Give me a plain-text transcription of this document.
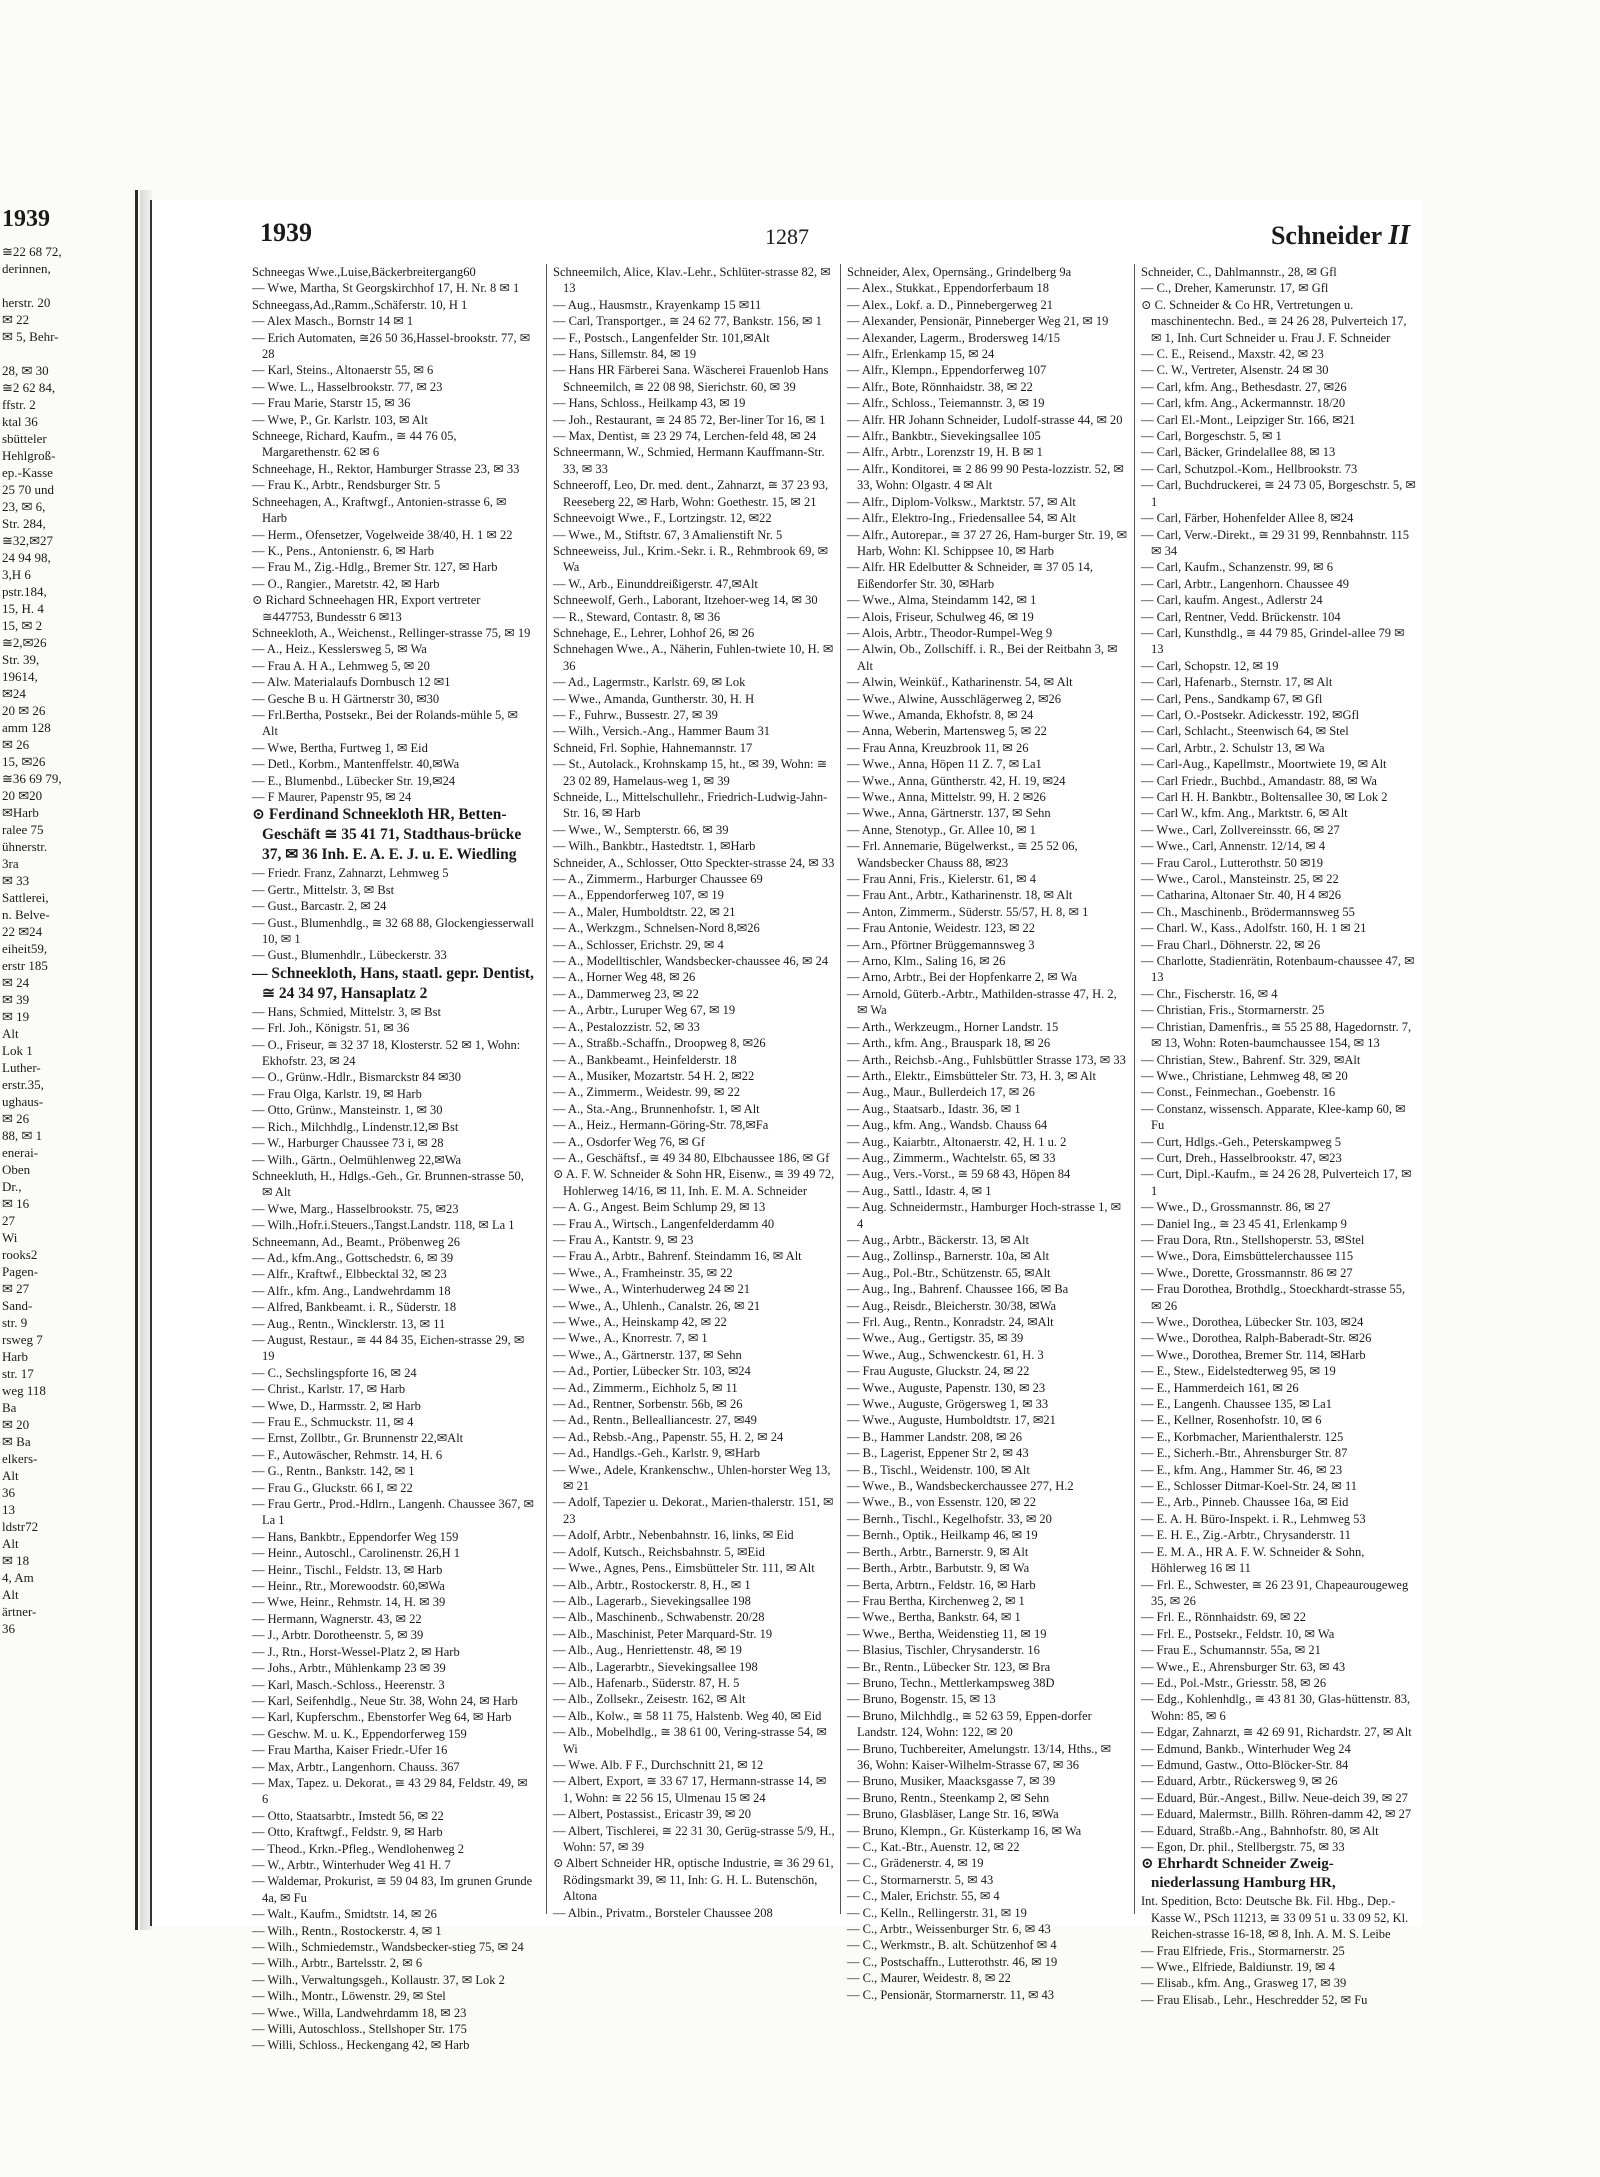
1939
≅22 68 72,
derinnen,

herstr. 20
✉ 22
✉ 5, Behr-

28, ✉ 30
≅2 62 84,
ffstr. 2
ktal 36
sbütteler
Hehlgroß-
ep.-Kasse
25 70 und
23, ✉ 6,
Str. 284,
≅32,✉27
24 94 98,
3,H 6
pstr.184,
15, H. 4
15, ✉ 2
≅2,✉26
Str. 39,
19614,
✉24
20 ✉ 26
amm 128
✉ 26
15, ✉26
≅36 69 79,
20 ✉20
✉Harb
ralee 75
ühnerstr.
3ra
✉ 33
Sattlerei,
n. Belve-
22 ✉24
eiheit59,
erstr 185
✉ 24
✉ 39
✉ 19
Alt
Lok 1
Luther-
erstr.35,
ughaus-
✉ 26
88, ✉ 1
enerai-
Oben
Dr.,
✉ 16
27
Wi
rooks2
Pagen-
✉ 27
Sand-
str. 9
rsweg 7
Harb
str. 17
weg 118
Ba
✉ 20
✉ Ba
elkers-
Alt
36
13
ldstr72
Alt
✉ 18
4, Am
Alt
ärtner-
36
1939	1287	Schneider II

Schneegas Wwe.,Luise,Bäckerbreitergang60

— Wwe, Martha, St Georgskirchhof 17, H. Nr. 8 ✉ 1

Schneegass,Ad.,Ramm.,Schäferstr. 10, H 1

— Alex Masch., Bornstr 14 ✉ 1

— Erich Automaten, ≅26 50 36,Hassel-brookstr. 77, ✉ 28

— Karl, Steins., Altonaerstr 55, ✉ 6

— Wwe. L., Hasselbrookstr. 77, ✉ 23

— Frau Marie, Starstr 15, ✉ 36

— Wwe, P., Gr. Karlstr. 103, ✉ Alt

Schneege, Richard, Kaufm., ≅ 44 76 05, Margarethenstr. 62 ✉ 6

Schneehage, H., Rektor, Hamburger Strasse 23, ✉ 33

— Frau K., Arbtr., Rendsburger Str. 5

Schneehagen, A., Kraftwgf., Antonien-strasse 6, ✉ Harb

— Herm., Ofensetzer, Vogelweide 38/40, H. 1 ✉ 22

— K., Pens., Antonienstr. 6, ✉ Harb

— Frau M., Zig.-Hdlg., Bremer Str. 127, ✉ Harb

— O., Rangier., Maretstr. 42, ✉ Harb

⊙ Richard Schneehagen HR, Export vertreter ≅447753, Bundesstr 6 ✉13

Schneekloth, A., Weichenst., Rellinger-strasse 75, ✉ 19

— A., Heiz., Kesslersweg 5, ✉ Wa

— Frau A. H A., Lehmweg 5, ✉ 20

— Alw. Materialaufs Dornbusch 12 ✉1

— Gesche B u. H Gärtnerstr 30, ✉30

— Frl.Bertha, Postsekr., Bei der Rolands-mühle 5, ✉ Alt

— Wwe, Bertha, Furtweg 1, ✉ Eid

— Detl., Korbm., Mantenffelstr. 40,✉Wa

— E., Blumenbd., Lübecker Str. 19,✉24

— F Maurer, Papenstr 95, ✉ 24

⊙ Ferdinand Schneekloth HR, Betten-Geschäft ≅ 35 41 71, Stadthaus-brücke 37, ✉ 36 Inh. E. A. E. J. u. E. Wiedling

— Friedr. Franz, Zahnarzt, Lehmweg 5

— Gertr., Mittelstr. 3, ✉ Bst

— Gust., Barcastr. 2, ✉ 24

— Gust., Blumenhdlg., ≅ 32 68 88, Glockengiesserwall 10, ✉ 1

— Gust., Blumenhdlr., Lübeckerstr. 33

— Schneekloth, Hans, staatl. gepr. Dentist, ≅ 24 34 97, Hansaplatz 2

— Hans, Schmied, Mittelstr. 3, ✉ Bst

— Frl. Joh., Königstr. 51, ✉ 36

— O., Friseur, ≅ 32 37 18, Klosterstr. 52 ✉ 1, Wohn: Ekhofstr. 23, ✉ 24

— O., Grünw.-Hdlr., Bismarckstr 84 ✉30

— Frau Olga, Karlstr. 19, ✉ Harb

— Otto, Grünw., Mansteinstr. 1, ✉ 30

— Rich., Milchhdlg., Lindenstr.12,✉ Bst

— W., Harburger Chaussee 73 i, ✉ 28

— Wilh., Gärtn., Oelmühlenweg 22,✉Wa

Schneekluth, H., Hdlgs.-Geh., Gr. Brunnen-strasse 50, ✉ Alt

— Wwe, Marg., Hasselbrookstr. 75, ✉23

— Wilh.,Hofr.i.Steuers.,Tangst.Landstr. 118, ✉ La 1

Schneemann, Ad., Beamt., Pröbenweg 26

— Ad., kfm.Ang., Gottschedstr. 6, ✉ 39

— Alfr., Kraftwf., Elbbecktal 32, ✉ 23

— Alfr., kfm. Ang., Landwehrdamm 18

— Alfred, Bankbeamt. i. R., Süderstr. 18

— Aug., Rentn., Wincklerstr. 13, ✉ 11

— August, Restaur., ≅ 44 84 35, Eichen-strasse 29, ✉ 19

— C., Sechslingspforte 16, ✉ 24

— Christ., Karlstr. 17, ✉ Harb

— Wwe, D., Harmsstr. 2, ✉ Harb

— Frau E., Schmuckstr. 11, ✉ 4

— Ernst, Zollbtr., Gr. Brunnenstr 22,✉Alt

— F., Autowäscher, Rehmstr. 14, H. 6

— G., Rentn., Bankstr. 142, ✉ 1

— Frau G., Gluckstr. 66 I, ✉ 22

— Frau Gertr., Prod.-Hdlrn., Langenh. Chaussee 367, ✉ La 1

— Hans, Bankbtr., Eppendorfer Weg 159

— Heinr., Autoschl., Carolinenstr. 26,H 1

— Heinr., Tischl., Feldstr. 13, ✉ Harb

— Heinr., Rtr., Morewoodstr. 60,✉Wa

— Wwe, Heinr., Rehmstr. 14, H. ✉ 39

— Hermann, Wagnerstr. 43, ✉ 22

— J., Arbtr. Dorotheenstr. 5, ✉ 39

— J., Rtn., Horst-Wessel-Platz 2, ✉ Harb

— Johs., Arbtr., Mühlenkamp 23 ✉ 39

— Karl, Masch.-Schloss., Heerenstr. 3

— Karl, Seifenhdlg., Neue Str. 38, Wohn 24, ✉ Harb

— Karl, Kupferschm., Ebenstorfer Weg 64, ✉ Harb

— Geschw. M. u. K., Eppendorferweg 159

— Frau Martha, Kaiser Friedr.-Ufer 16

— Max, Arbtr., Langenhorn. Chauss. 367

— Max, Tapez. u. Dekorat., ≅ 43 29 84, Feldstr. 49, ✉ 6

— Otto, Staatsarbtr., Imstedt 56, ✉ 22

— Otto, Kraftwgf., Feldstr. 9, ✉ Harb

— Theod., Krkn.-Pfleg., Wendlohenweg 2

— W., Arbtr., Winterhuder Weg 41 H. 7

— Waldemar, Prokurist, ≅ 59 04 83, Im grunen Grunde 4a, ✉ Fu

— Walt., Kaufm., Smidtstr. 14, ✉ 26

— Wilh., Rentn., Rostockerstr. 4, ✉ 1

— Wilh., Schmiedemstr., Wandsbecker-stieg 75, ✉ 24

— Wilh., Arbtr., Bartelsstr. 2, ✉ 6

— Wilh., Verwaltungsgeh., Kollaustr. 37, ✉ Lok 2

— Wilh., Montr., Löwenstr. 29, ✉ Stel

— Wwe., Willa, Landwehrdamm 18, ✉ 23

— Willi, Autoschloss., Stellshoper Str. 175

— Willi, Schloss., Heckengang 42, ✉ Harb

Schneemilch, Alice, Klav.-Lehr., Schlüter-strasse 82, ✉ 13

— Aug., Hausmstr., Krayenkamp 15 ✉11

— Carl, Transportger., ≅ 24 62 77, Bankstr. 156, ✉ 1

— F., Postsch., Langenfelder Str. 101,✉Alt

— Hans, Sillemstr. 84, ✉ 19

— Hans HR Färberei Sana. Wäscherei Frauenlob Hans Schneemilch, ≅ 22 08 98, Sierichstr. 60, ✉ 39

— Hans, Schloss., Heilkamp 43, ✉ 19

— Joh., Restaurant, ≅ 24 85 72, Ber-liner Tor 16, ✉ 1

— Max, Dentist, ≅ 23 29 74, Lerchen-feld 48, ✉ 24

Schneermann, W., Schmied, Hermann Kauffmann-Str. 33, ✉ 33

Schneeroff, Leo, Dr. med. dent., Zahnarzt, ≅ 37 23 93, Reeseberg 22, ✉ Harb, Wohn: Goethestr. 15, ✉ 21

Schneevoigt Wwe., F., Lortzingstr. 12, ✉22

— Wwe., M., Stiftstr. 67, 3 Amalienstift Nr. 5

Schneeweiss, Jul., Krim.-Sekr. i. R., Rehmbrook 69, ✉ Wa

— W., Arb., Einunddreißigerstr. 47,✉Alt

Schneewolf, Gerh., Laborant, Itzehoer-weg 14, ✉ 30

— R., Steward, Contastr. 8, ✉ 36

Schnehage, E., Lehrer, Lohhof 26, ✉ 26

Schnehagen Wwe., A., Näherin, Fuhlen-twiete 10, H. ✉ 36

— Ad., Lagermstr., Karlstr. 69, ✉ Lok

— Wwe., Amanda, Guntherstr. 30, H. H

— F., Fuhrw., Bussestr. 27, ✉ 39

— Wilh., Versich.-Ang., Hammer Baum 31

Schneid, Frl. Sophie, Hahnemannstr. 17

— St., Autolack., Krohnskamp 15, ht., ✉ 39, Wohn: ≅ 23 02 89, Hamelaus-weg 1, ✉ 39

Schneide, L., Mittelschullehr., Friedrich-Ludwig-Jahn-Str. 16, ✉ Harb

— Wwe., W., Sempterstr. 66, ✉ 39

— Wilh., Bankbtr., Hastedtstr. 1, ✉Harb

Schneider, A., Schlosser, Otto Speckter-strasse 24, ✉ 33

— A., Zimmerm., Harburger Chaussee 69

— A., Eppendorferweg 107, ✉ 19

— A., Maler, Humboldtstr. 22, ✉ 21

— A., Werkzgm., Schnelsen-Nord 8,✉26

— A., Schlosser, Erichstr. 29, ✉ 4

— A., Modelltischler, Wandsbecker-chaussee 46, ✉ 24

— A., Horner Weg 48, ✉ 26

— A., Dammerweg 23, ✉ 22

— A., Arbtr., Luruper Weg 67, ✉ 19

— A., Pestalozzistr. 52, ✉ 33

— A., Straßb.-Schaffn., Droopweg 8, ✉26

— A., Bankbeamt., Heinfelderstr. 18

— A., Musiker, Mozartstr. 54 H. 2, ✉22

— A., Zimmerm., Weidestr. 99, ✉ 22

— A., Sta.-Ang., Brunnenhofstr. 1, ✉ Alt

— A., Heiz., Hermann-Göring-Str. 78,✉Fa

— A., Osdorfer Weg 76, ✉ Gf

— A., Geschäftsf., ≅ 49 34 80, Elbchaussee 186, ✉ Gf

⊙ A. F. W. Schneider & Sohn HR, Eisenw., ≅ 39 49 72, Hohlerweg 14/16, ✉ 11, Inh. E. M. A. Schneider

— A. G., Angest. Beim Schlump 29, ✉ 13

— Frau A., Wirtsch., Langenfelderdamm 40

— Frau A., Kantstr. 9, ✉ 23

— Frau A., Arbtr., Bahrenf. Steindamm 16, ✉ Alt

— Wwe., A., Framheinstr. 35, ✉ 22

— Wwe., A., Winterhuderweg 24 ✉ 21

— Wwe., A., Uhlenh., Canalstr. 26, ✉ 21

— Wwe., A., Heinskamp 42, ✉ 22

— Wwe., A., Knorrestr. 7, ✉ 1

— Wwe., A., Gärtnerstr. 137, ✉ Sehn

— Ad., Portier, Lübecker Str. 103, ✉24

— Ad., Zimmerm., Eichholz 5, ✉ 11

— Ad., Rentner, Sorbenstr. 56b, ✉ 26

— Ad., Rentn., Bellealliancestr. 27, ✉49

— Ad., Rebsb.-Ang., Papenstr. 55, H. 2, ✉ 24

— Ad., Handlgs.-Geh., Karlstr. 9, ✉Harb

— Wwe., Adele, Krankenschw., Uhlen-horster Weg 13, ✉ 21

— Adolf, Tapezier u. Dekorat., Marien-thalerstr. 151, ✉ 23

— Adolf, Arbtr., Nebenbahnstr. 16, links, ✉ Eid

— Adolf, Kutsch., Reichsbahnstr. 5, ✉Eid

— Wwe., Agnes, Pens., Eimsbütteler Str. 111, ✉ Alt

— Alb., Arbtr., Rostockerstr. 8, H., ✉ 1

— Alb., Lagerarb., Sievekingsallee 198

— Alb., Maschinenb., Schwabenstr. 20/28

— Alb., Maschinist, Peter Marquard-Str. 19

— Alb., Aug., Henriettenstr. 48, ✉ 19

— Alb., Lagerarbtr., Sievekingsallee 198

— Alb., Hafenarb., Süderstr. 87, H. 5

— Alb., Zollsekr., Zeisestr. 162, ✉ Alt

— Alb., Kolw., ≅ 58 11 75, Halstenb. Weg 40, ✉ Eid

— Alb., Mobelhdlg., ≅ 38 61 00, Vering-strasse 54, ✉ Wi

— Wwe. Alb. F F., Durchschnitt 21, ✉ 12

— Albert, Export, ≅ 33 67 17, Hermann-strasse 14, ✉ 1, Wohn: ≅ 22 56 15, Ulmenau 15 ✉ 24

— Albert, Postassist., Ericastr 39, ✉ 20

— Albert, Tischlerei, ≅ 22 31 30, Gerüg-strasse 5/9, H., Wohn: 57, ✉ 39

⊙ Albert Schneider HR, optische Industrie, ≅ 36 29 61, Rödingsmarkt 39, ✉ 11, Inh: G. H. L. Butenschön, Altona

— Albin., Privatm., Borsteler Chaussee 208

Schneider, Alex, Opernsäng., Grindelberg 9a

— Alex., Stukkat., Eppendorferbaum 18

— Alex., Lokf. a. D., Pinnebergerweg 21

— Alexander, Pensionär, Pinneberger Weg 21, ✉ 19

— Alexander, Lagerm., Brodersweg 14/15

— Alfr., Erlenkamp 15, ✉ 24

— Alfr., Klempn., Eppendorferweg 107

— Alfr., Bote, Rönnhaidstr. 38, ✉ 22

— Alfr., Schloss., Teiemannstr. 3, ✉ 19

— Alfr. HR Johann Schneider, Ludolf-strasse 44, ✉ 20

— Alfr., Bankbtr., Sievekingsallee 105

— Alfr., Arbtr., Lorenzstr 19, H. B ✉ 1

— Alfr., Konditorei, ≅ 2 86 99 90 Pesta-lozzistr. 52, ✉ 33, Wohn: Olgastr. 4 ✉ Alt

— Alfr., Diplom-Volksw., Marktstr. 57, ✉ Alt

— Alfr., Elektro-Ing., Friedensallee 54, ✉ Alt

— Alfr., Autorepar., ≅ 37 27 26, Ham-burger Str. 19, ✉ Harb, Wohn: Kl. Schippsee 10, ✉ Harb

— Alfr. HR Edelbutter & Schneider, ≅ 37 05 14, Eißendorfer Str. 30, ✉Harb

— Wwe., Alma, Steindamm 142, ✉ 1

— Alois, Friseur, Schulweg 46, ✉ 19

— Alois, Arbtr., Theodor-Rumpel-Weg 9

— Alwin, Ob., Zollschiff. i. R., Bei der Reitbahn 3, ✉ Alt

— Alwin, Weinküf., Katharinenstr. 54, ✉ Alt

— Wwe., Alwine, Ausschlägerweg 2, ✉26

— Wwe., Amanda, Ekhofstr. 8, ✉ 24

— Anna, Weberin, Martensweg 5, ✉ 22

— Frau Anna, Kreuzbrook 11, ✉ 26

— Wwe., Anna, Höpen 11 Z. 7, ✉ La1

— Wwe., Anna, Güntherstr. 42, H. 19, ✉24

— Wwe., Anna, Mittelstr. 99, H. 2 ✉26

— Wwe., Anna, Gärtnerstr. 137, ✉ Sehn

— Anne, Stenotyp., Gr. Allee 10, ✉ 1

— Frl. Annemarie, Bügelwerkst., ≅ 25 52 06, Wandsbecker Chauss 88, ✉23

— Frau Anni, Fris., Kielerstr. 61, ✉ 4

— Frau Ant., Arbtr., Katharinenstr. 18, ✉ Alt

— Anton, Zimmerm., Süderstr. 55/57, H. 8, ✉ 1

— Frau Antonie, Weidestr. 123, ✉ 22

— Arn., Pförtner Brüggemannsweg 3

— Arno, Klm., Saling 16, ✉ 26

— Arno, Arbtr., Bei der Hopfenkarre 2, ✉ Wa

— Arnold, Güterb.-Arbtr., Mathilden-strasse 47, H. 2, ✉ Wa

— Arth., Werkzeugm., Horner Landstr. 15

— Arth., kfm. Ang., Brauspark 18, ✉ 26

— Arth., Reichsb.-Ang., Fuhlsbüttler Strasse 173, ✉ 33

— Arth., Elektr., Eimsbütteler Str. 73, H. 3, ✉ Alt

— Aug., Maur., Bullerdeich 17, ✉ 26

— Aug., Staatsarb., Idastr. 36, ✉ 1

— Aug., kfm. Ang., Wandsb. Chauss 64

— Aug., Kaiarbtr., Altonaerstr. 42, H. 1 u. 2

— Aug., Zimmerm., Wachtelstr. 65, ✉ 33

— Aug., Vers.-Vorst., ≅ 59 68 43, Höpen 84

— Aug., Sattl., Idastr. 4, ✉ 1

— Aug. Schneidermstr., Hamburger Hoch-strasse 1, ✉ 4

— Aug., Arbtr., Bäckerstr. 13, ✉ Alt

— Aug., Zollinsp., Barnerstr. 10a, ✉ Alt

— Aug., Pol.-Btr., Schützenstr. 65, ✉Alt

— Aug., Ing., Bahrenf. Chaussee 166, ✉ Ba

— Aug., Reisdr., Bleicherstr. 30/38, ✉Wa

— Frl. Aug., Rentn., Konradstr. 24, ✉Alt

— Wwe., Aug., Gertigstr. 35, ✉ 39

— Wwe., Aug., Schwenckestr. 61, H. 3

— Frau Auguste, Gluckstr. 24, ✉ 22

— Wwe., Auguste, Papenstr. 130, ✉ 23

— Wwe., Auguste, Grögersweg 1, ✉ 33

— Wwe., Auguste, Humboldtstr. 17, ✉21

— B., Hammer Landstr. 208, ✉ 26

— B., Lagerist, Eppener Str 2, ✉ 43

— B., Tischl., Weidenstr. 100, ✉ Alt

— Wwe., B., Wandsbeckerchaussee 277, H.2

— Wwe., B., von Essenstr. 120, ✉ 22

— Bernh., Tischl., Kegelhofstr. 33, ✉ 20

— Bernh., Optik., Heilkamp 46, ✉ 19

— Berth., Arbtr., Barnerstr. 9, ✉ Alt

— Berth., Arbtr., Barbutstr. 9, ✉ Wa

— Berta, Arbtrn., Feldstr. 16, ✉ Harb

— Frau Bertha, Kirchenweg 2, ✉ 1

— Wwe., Bertha, Bankstr. 64, ✉ 1

— Wwe., Bertha, Weidenstieg 11, ✉ 19

— Blasius, Tischler, Chrysanderstr. 16

— Br., Rentn., Lübecker Str. 123, ✉ Bra

— Bruno, Techn., Mettlerkampsweg 38D

— Bruno, Bogenstr. 15, ✉ 13

— Bruno, Milchhdlg., ≅ 52 63 59, Eppen-dorfer Landstr. 124, Wohn: 122, ✉ 20

— Bruno, Tuchbereiter, Amelungstr. 13/14, Hths., ✉ 36, Wohn: Kaiser-Wilhelm-Strasse 67, ✉ 36

— Bruno, Musiker, Maacksgasse 7, ✉ 39

— Bruno, Rentn., Steenkamp 2, ✉ Sehn

— Bruno, Glasbläser, Lange Str. 16, ✉Wa

— Bruno, Klempn., Gr. Küsterkamp 16, ✉ Wa

— C., Kat.-Btr., Auenstr. 12, ✉ 22

— C., Grädenerstr. 4, ✉ 19

— C., Stormarnerstr. 5, ✉ 43

— C., Maler, Erichstr. 55, ✉ 4

— C., Kelln., Rellingerstr. 31, ✉ 19

— C., Arbtr., Weissenburger Str. 6, ✉ 43

— C., Werkmstr., B. alt. Schützenhof ✉ 4

— C., Postschaffn., Lutterothstr. 46, ✉ 19

— C., Maurer, Weidestr. 8, ✉ 22

— C., Pensionär, Stormarnerstr. 11, ✉ 43

Schneider, C., Dahlmannstr., 28, ✉ Gfl

— C., Dreher, Kamerunstr. 17, ✉ Gfl

⊙ C. Schneider & Co HR, Vertretungen u. maschinentechn. Bed., ≅ 24 26 28, Pulverteich 17, ✉ 1, Inh. Curt Schneider u. Frau J. F. Schneider

— C. E., Reisend., Maxstr. 42, ✉ 23

— C. W., Vertreter, Alsenstr. 24 ✉ 30

— Carl, kfm. Ang., Bethesdastr. 27, ✉26

— Carl, kfm. Ang., Ackermannstr. 18/20

— Carl El.-Mont., Leipziger Str. 166, ✉21

— Carl, Borgeschstr. 5, ✉ 1

— Carl, Bäcker, Grindelallee 88, ✉ 13

— Carl, Schutzpol.-Kom., Hellbrookstr. 73

— Carl, Buchdruckerei, ≅ 24 73 05, Borgeschstr. 5, ✉ 1

— Carl, Färber, Hohenfelder Allee 8, ✉24

— Carl, Verw.-Direkt., ≅ 29 31 99, Rennbahnstr. 115 ✉ 34

— Carl, Kaufm., Schanzenstr. 99, ✉ 6

— Carl, Arbtr., Langenhorn. Chaussee 49

— Carl, kaufm. Angest., Adlerstr 24

— Carl, Rentner, Vedd. Brückenstr. 104

— Carl, Kunsthdlg., ≅ 44 79 85, Grindel-allee 79 ✉ 13

— Carl, Schopstr. 12, ✉ 19

— Carl, Hafenarb., Sternstr. 17, ✉ Alt

— Carl, Pens., Sandkamp 67, ✉ Gfl

— Carl, O.-Postsekr. Adickesstr. 192, ✉Gfl

— Carl, Schlacht., Steenwisch 64, ✉ Stel

— Carl, Arbtr., 2. Schulstr 13, ✉ Wa

— Carl-Aug., Kapellmstr., Moortwiete 19, ✉ Alt

— Carl Friedr., Buchbd., Amandastr. 88, ✉ Wa

— Carl H. H. Bankbtr., Boltensallee 30, ✉ Lok 2

— Carl W., kfm. Ang., Marktstr. 6, ✉ Alt

— Wwe., Carl, Zollvereinsstr. 66, ✉ 27

— Wwe., Carl, Annenstr. 12/14, ✉ 4

— Frau Carol., Lutterothstr. 50 ✉19

— Wwe., Carol., Mansteinstr. 25, ✉ 22

— Catharina, Altonaer Str. 40, H 4 ✉26

— Ch., Maschinenb., Brödermannsweg 55

— Charl. W., Kass., Adolfstr. 160, H. 1 ✉ 21

— Frau Charl., Döhnerstr. 22, ✉ 26

— Charlotte, Stadienrätin, Rotenbaum-chaussee 47, ✉ 13

— Chr., Fischerstr. 16, ✉ 4

— Christian, Fris., Stormarnerstr. 25

— Christian, Damenfris., ≅ 55 25 88, Hagedornstr. 7, ✉ 13, Wohn: Roten-baumchaussee 154, ✉ 13

— Christian, Stew., Bahrenf. Str. 329, ✉Alt

— Wwe., Christiane, Lehmweg 48, ✉ 20

— Const., Feinmechan., Goebenstr. 16

— Constanz, wissensch. Apparate, Klee-kamp 60, ✉ Fu

— Curt, Hdlgs.-Geh., Peterskampweg 5

— Curt, Dreh., Hasselbrookstr. 47, ✉23

— Curt, Dipl.-Kaufm., ≅ 24 26 28, Pulverteich 17, ✉ 1

— Wwe., D., Grossmannstr. 86, ✉ 27

— Daniel Ing., ≅ 23 45 41, Erlenkamp 9

— Frau Dora, Rtn., Stellshoperstr. 53, ✉Stel

— Wwe., Dora, Eimsbüttelerchaussee 115

— Wwe., Dorette, Grossmannstr. 86 ✉ 27

— Frau Dorothea, Brothdlg., Stoeckhardt-strasse 55, ✉ 26

— Wwe., Dorothea, Lübecker Str. 103, ✉24

— Wwe., Dorothea, Ralph-Baberadt-Str. ✉26

— Wwe., Dorothea, Bremer Str. 114, ✉Harb

— E., Stew., Eidelstedterweg 95, ✉ 19

— E., Hammerdeich 161, ✉ 26

— E., Langenh. Chaussee 135, ✉ La1

— E., Kellner, Rosenhofstr. 10, ✉ 6

— E., Korbmacher, Marienthalerstr. 125

— E., Sicherh.-Btr., Ahrensburger Str. 87

— E., kfm. Ang., Hammer Str. 46, ✉ 23

— E., Schlosser Ditmar-Koel-Str. 24, ✉ 11

— E., Arb., Pinneb. Chaussee 16a, ✉ Eid

— E. A. H. Büro-Inspekt. i. R., Lehmweg 53

— E. H. E., Zig.-Arbtr., Chrysanderstr. 11

— E. M. A., HR A. F. W. Schneider & Sohn, Höhlerweg 16 ✉ 11

— Frl. E., Schwester, ≅ 26 23 91, Chapeaurougeweg 35, ✉ 26

— Frl. E., Rönnhaidstr. 69, ✉ 22

— Frl. E., Postsekr., Feldstr. 10, ✉ Wa

— Frau E., Schumannstr. 55a, ✉ 21

— Wwe., E., Ahrensburger Str. 63, ✉ 43

— Ed., Pol.-Mstr., Griesstr. 58, ✉ 26

— Edg., Kohlenhdlg., ≅ 43 81 30, Glas-hüttenstr. 83, Wohn: 85, ✉ 6

— Edgar, Zahnarzt, ≅ 42 69 91, Richardstr. 27, ✉ Alt

— Edmund, Bankb., Winterhuder Weg 24

— Edmund, Gastw., Otto-Blöcker-Str. 84

— Eduard, Arbtr., Rückersweg 9, ✉ 26

— Eduard, Bür.-Angest., Billw. Neue-deich 39, ✉ 27

— Eduard, Malermstr., Billh. Röhren-damm 42, ✉ 27

— Eduard, Straßb.-Ang., Bahnhofstr. 80, ✉ Alt

— Egon, Dr. phil., Stellbergstr. 75, ✉ 33

⊙ Ehrhardt Schneider Zweig-niederlassung Hamburg HR,

Int. Spedition, Bcto: Deutsche Bk. Fil. Hbg., Dep.-Kasse W., PSch 11213, ≅ 33 09 51 u. 33 09 52, Kl. Reichen-strasse 16-18, ✉ 8, Inh. A. M. S. Leibe

— Frau Elfriede, Fris., Stormarnerstr. 25

— Wwe., Elfriede, Baldiunstr. 19, ✉ 4

— Elisab., kfm. Ang., Grasweg 17, ✉ 39

— Frau Elisab., Lehr., Heschredder 52, ✉ Fu
